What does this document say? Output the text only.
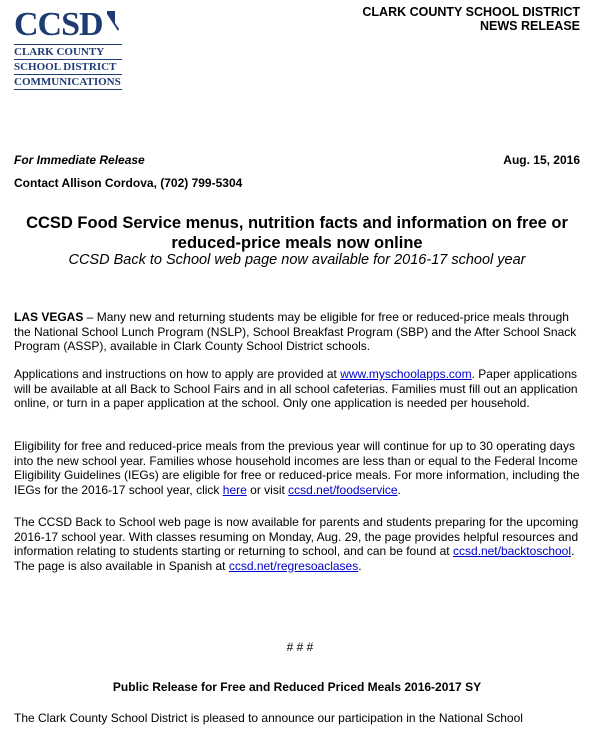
CCSD
CLARK COUNTY
SCHOOL DISTRICT
COMMUNICATIONS
CLARK COUNTY SCHOOL DISTRICT
NEWS RELEASE
For Immediate Release	Aug. 15, 2016
Contact Allison Cordova, (702) 799-5304
CCSD Food Service menus, nutrition facts and information on free or reduced-price meals now online
CCSD Back to School web page now available for 2016-17 school year
LAS VEGAS – Many new and returning students may be eligible for free or reduced-price meals through the National School Lunch Program (NSLP), School Breakfast Program (SBP) and the After School Snack Program (ASSP), available in Clark County School District schools.
Applications and instructions on how to apply are provided at www.myschoolapps.com. Paper applications will be available at all Back to School Fairs and in all school cafeterias. Families must fill out an application online, or turn in a paper application at the school. Only one application is needed per household.
Eligibility for free and reduced-price meals from the previous year will continue for up to 30 operating days into the new school year. Families whose household incomes are less than or equal to the Federal Income Eligibility Guidelines (IEGs) are eligible for free or reduced-price meals. For more information, including the IEGs for the 2016-17 school year, click here or visit ccsd.net/foodservice.
The CCSD Back to School web page is now available for parents and students preparing for the upcoming 2016-17 school year. With classes resuming on Monday, Aug. 29, the page provides helpful resources and information relating to students starting or returning to school, and can be found at ccsd.net/backtoschool. The page is also available in Spanish at ccsd.net/regresoaclases.
# # #
Public Release for Free and Reduced Priced Meals 2016-2017 SY
The Clark County School District is pleased to announce our participation in the National School
